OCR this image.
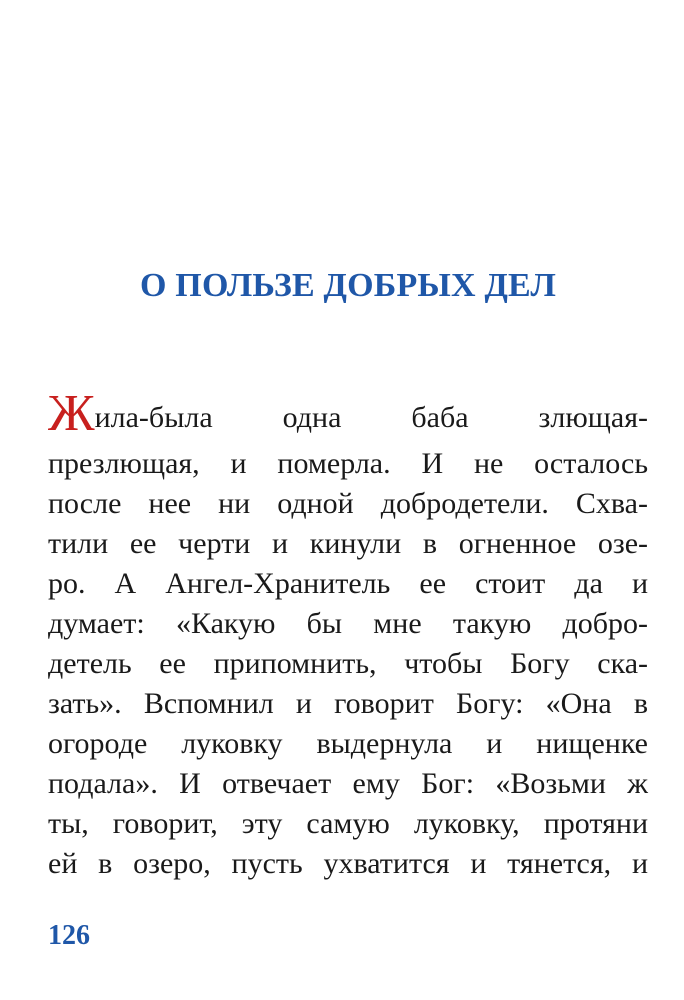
О ПОЛЬЗЕ ДОБРЫХ ДЕЛ
Жила-была одна баба злющая-
презлющая, и померла. И не осталось
после нее ни одной добродетели. Схва-
тили ее черти и кинули в огненное озе-
ро. А Ангел-Хранитель ее стоит да и
думает: «Какую бы мне такую добро-
детель ее припомнить, чтобы Богу ска-
зать». Вспомнил и говорит Богу: «Она в
огороде луковку выдернула и нищенке
подала». И отвечает ему Бог: «Возьми ж
ты, говорит, эту самую луковку, протяни
ей в озеро, пусть ухватится и тянется, и
126
